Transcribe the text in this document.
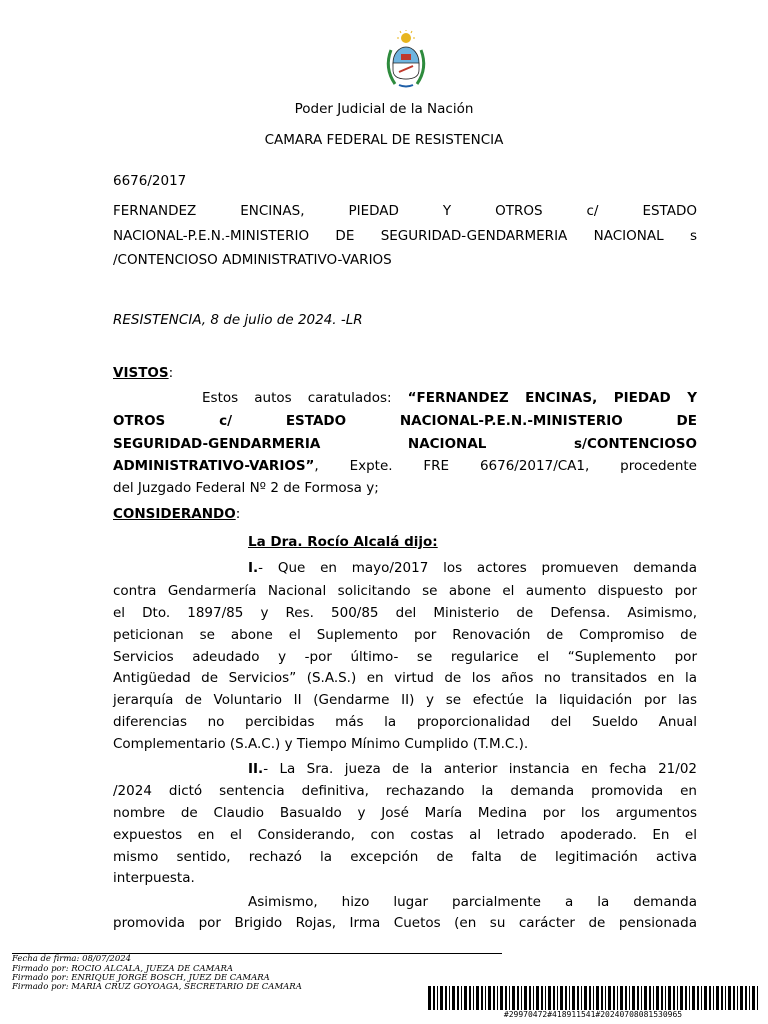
Poder Judicial de la Nación
CAMARA FEDERAL DE RESISTENCIA
6676/2017
FERNANDEZ ENCINAS, PIEDAD Y OTROS c/ ESTADO
NACIONAL-P.E.N.-MINISTERIO DE SEGURIDAD-GENDARMERIA NACIONAL s
/CONTENCIOSO ADMINISTRATIVO-VARIOS
RESISTENCIA, 8 de julio de 2024. -LR
VISTOS:
Estos autos caratulados: “FERNANDEZ ENCINAS, PIEDAD Y
OTROS c/ ESTADO NACIONAL-P.E.N.-MINISTERIO DE
SEGURIDAD-GENDARMERIA NACIONAL s/CONTENCIOSO
ADMINISTRATIVO-VARIOS”, Expte. FRE 6676/2017/CA1, procedente
del Juzgado Federal Nº 2 de Formosa y;
CONSIDERANDO:
La Dra. Rocío Alcalá dijo:
I.- Que en mayo/2017 los actores promueven demanda
contra Gendarmería Nacional solicitando se abone el aumento dispuesto por
el Dto. 1897/85 y Res. 500/85 del Ministerio de Defensa. Asimismo,
peticionan se abone el Suplemento por Renovación de Compromiso de
Servicios adeudado y -por último- se regularice el “Suplemento por
Antigüedad de Servicios” (S.A.S.) en virtud de los años no transitados en la
jerarquía de Voluntario II (Gendarme II) y se efectúe la liquidación por las
diferencias no percibidas más la proporcionalidad del Sueldo Anual
Complementario (S.A.C.) y Tiempo Mínimo Cumplido (T.M.C.).
II.- La Sra. jueza de la anterior instancia en fecha 21/02
/2024 dictó sentencia definitiva, rechazando la demanda promovida en
nombre de Claudio Basualdo y José María Medina por los argumentos
expuestos en el Considerando, con costas al letrado apoderado. En el
mismo sentido, rechazó la excepción de falta de legitimación activa
interpuesta.
Asimismo, hizo lugar parcialmente a la demanda
promovida por Brigido Rojas, Irma Cuetos (en su carácter de pensionada
Fecha de firma: 08/07/2024
Firmado por: ROCIO ALCALA, JUEZA DE CAMARA
Firmado por: ENRIQUE JORGE BOSCH, JUEZ DE CAMARA
Firmado por: MARIA CRUZ GOYOAGA, SECRETARIO DE CAMARA
#29970472#418911541#20240708081530965
